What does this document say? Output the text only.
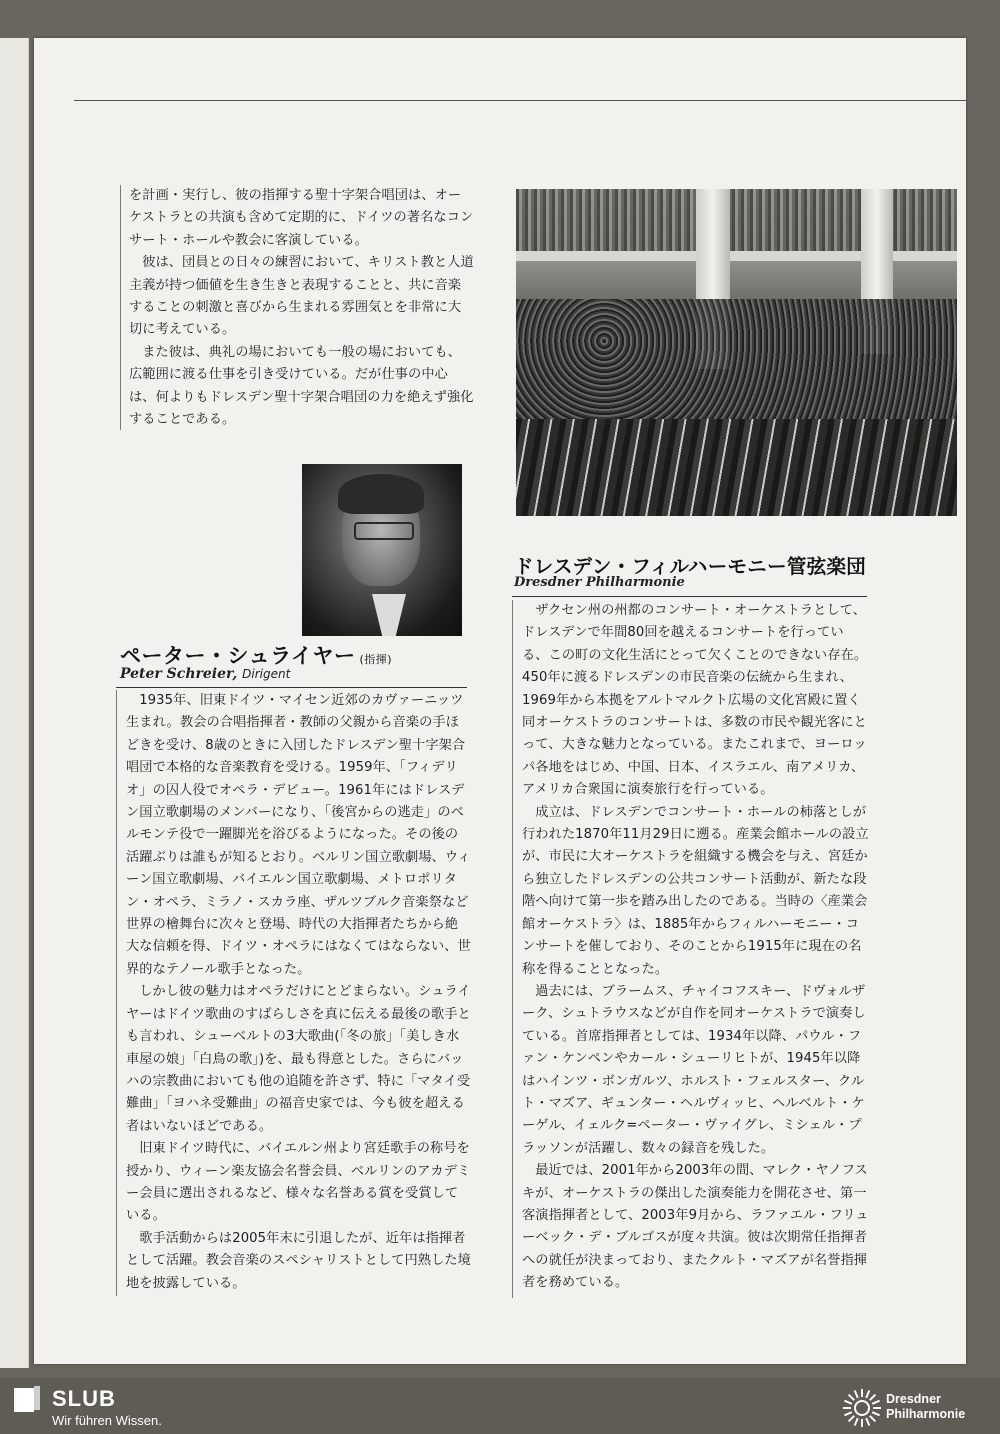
を計画・実行し、彼の指揮する聖十字架合唱団は、オーケストラとの共演も含めて定期的に、ドイツの著名なコンサート・ホールや教会に客演している。

彼は、団員との日々の練習において、キリスト教と人道主義が持つ価値を生き生きと表現することと、共に音楽することの刺激と喜びから生まれる雰囲気とを非常に大切に考えている。

また彼は、典礼の場においても一般の場においても、広範囲に渡る仕事を引き受けている。だが仕事の中心は、何よりもドレスデン聖十字架合唱団の力を絶えず強化することである。

ペーター・シュライヤー (指揮)
Peter Schreier, Dirigent

1935年、旧東ドイツ・マイセン近郊のカヴァーニッツ生まれ。教会の合唱指揮者・教師の父親から音楽の手ほどきを受け、8歳のときに入団したドレスデン聖十字架合唱団で本格的な音楽教育を受ける。1959年、「フィデリオ」の囚人役でオペラ・デビュー。1961年にはドレスデン国立歌劇場のメンバーになり、「後宮からの逃走」のベルモンテ役で一躍脚光を浴びるようになった。その後の活躍ぶりは誰もが知るとおり。ベルリン国立歌劇場、ウィーン国立歌劇場、バイエルン国立歌劇場、メトロポリタン・オペラ、ミラノ・スカラ座、ザルツブルク音楽祭など世界の檜舞台に次々と登場、時代の大指揮者たちから絶大な信頼を得、ドイツ・オペラにはなくてはならない、世界的なテノール歌手となった。

しかし彼の魅力はオペラだけにとどまらない。シュライヤーはドイツ歌曲のすばらしさを真に伝える最後の歌手とも言われ、シューベルトの3大歌曲(「冬の旅」「美しき水車屋の娘」「白鳥の歌」)を、最も得意とした。さらにバッハの宗教曲においても他の追随を許さず、特に「マタイ受難曲」「ヨハネ受難曲」の福音史家では、今も彼を超える者はいないほどである。

旧東ドイツ時代に、バイエルン州より宮廷歌手の称号を授かり、ウィーン楽友協会名誉会員、ベルリンのアカデミー会員に選出されるなど、様々な名誉ある賞を受賞している。

歌手活動からは2005年末に引退したが、近年は指揮者として活躍。教会音楽のスペシャリストとして円熟した境地を披露している。

ドレスデン・フィルハーモニー管弦楽団
Dresdner Philharmonie

ザクセン州の州都のコンサート・オーケストラとして、ドレスデンで年間80回を越えるコンサートを行っている、この町の文化生活にとって欠くことのできない存在。450年に渡るドレスデンの市民音楽の伝統から生まれ、1969年から本拠をアルトマルクト広場の文化宮殿に置く同オーケストラのコンサートは、多数の市民や観光客にとって、大きな魅力となっている。またこれまで、ヨーロッパ各地をはじめ、中国、日本、イスラエル、南アメリカ、アメリカ合衆国に演奏旅行を行っている。

成立は、ドレスデンでコンサート・ホールの柿落としが行われた1870年11月29日に遡る。産業会館ホールの設立が、市民に大オーケストラを組織する機会を与え、宮廷から独立したドレスデンの公共コンサート活動が、新たな段階へ向けて第一歩を踏み出したのである。当時の〈産業会館オーケストラ〉は、1885年からフィルハーモニー・コンサートを催しており、そのことから1915年に現在の名称を得ることとなった。

過去には、ブラームス、チャイコフスキー、ドヴォルザーク、シュトラウスなどが自作を同オーケストラで演奏している。首席指揮者としては、1934年以降、パウル・ファン・ケンペンやカール・シューリヒトが、1945年以降はハインツ・ボンガルツ、ホルスト・フェルスター、クルト・マズア、ギュンター・ヘルヴィッヒ、ヘルベルト・ケーゲル、イェルク=ペーター・ヴァイグレ、ミシェル・プラッソンが活躍し、数々の録音を残した。

最近では、2001年から2003年の間、マレク・ヤノフスキが、オーケストラの傑出した演奏能力を開花させ、第一客演指揮者として、2003年9月から、ラファエル・フリューベック・デ・ブルゴスが度々共演。彼は次期常任指揮者への就任が決まっており、またクルト・マズアが名誉指揮者を務めている。

SLUB
Wir führen Wissen.
Dresdner
Philharmonie
